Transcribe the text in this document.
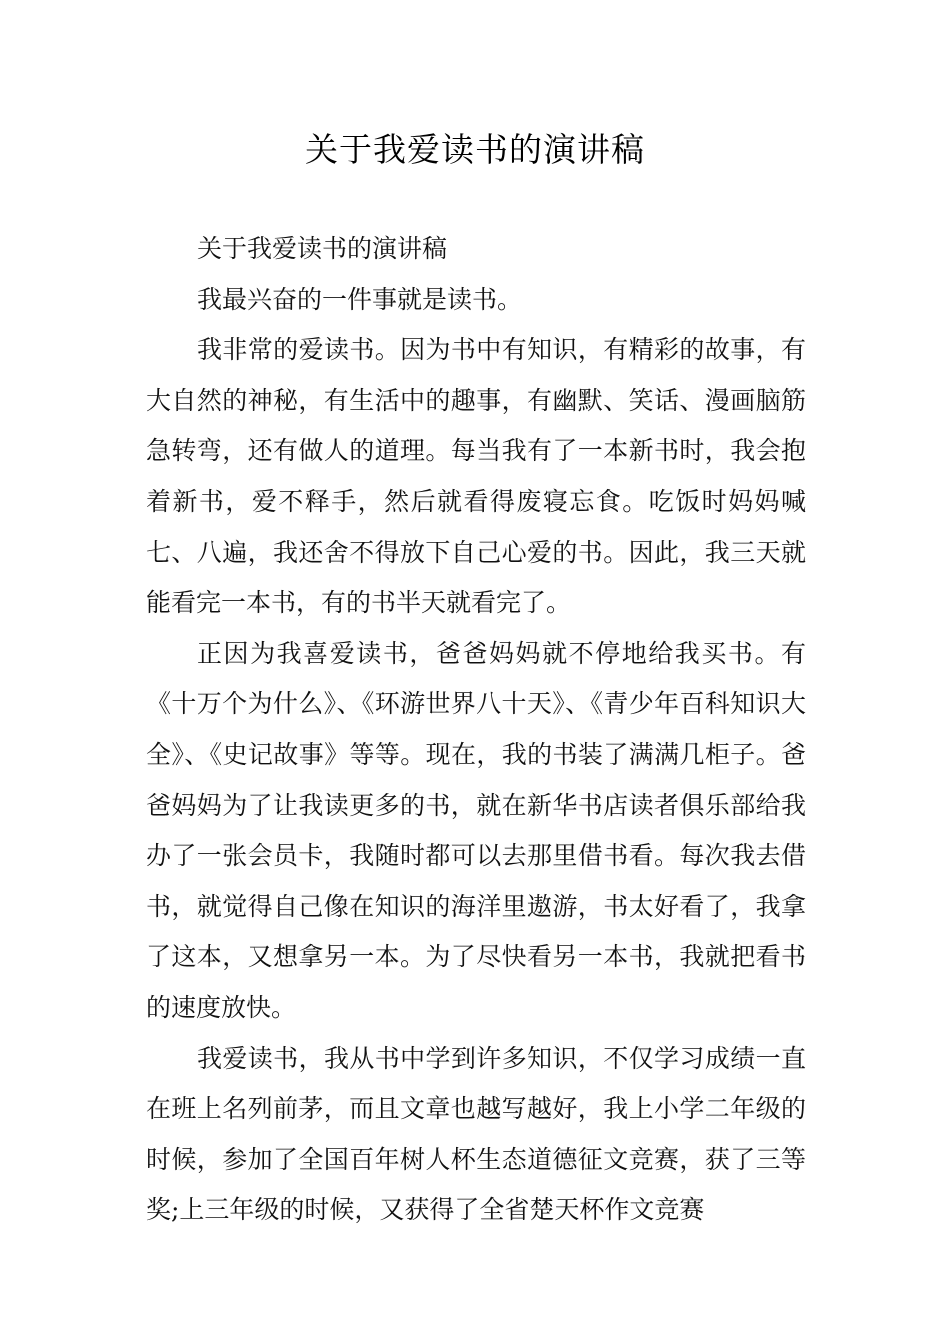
关于我爱读书的演讲稿

关于我爱读书的演讲稿

我最兴奋的一件事就是读书。

我非常的爱读书。因为书中有知识，有精彩的故事，有大自然的神秘，有生活中的趣事，有幽默、笑话、漫画脑筋急转弯，还有做人的道理。每当我有了一本新书时，我会抱着新书，爱不释手，然后就看得废寝忘食。吃饭时妈妈喊七、八遍，我还舍不得放下自己心爱的书。因此，我三天就能看完一本书，有的书半天就看完了。

正因为我喜爱读书，爸爸妈妈就不停地给我买书。有《十万个为什么》、《环游世界八十天》、《青少年百科知识大全》、《史记故事》等等。现在，我的书装了满满几柜子。爸爸妈妈为了让我读更多的书，就在新华书店读者俱乐部给我办了一张会员卡，我随时都可以去那里借书看。每次我去借书，就觉得自己像在知识的海洋里遨游，书太好看了，我拿了这本，又想拿另一本。为了尽快看另一本书，我就把看书的速度放快。

我爱读书，我从书中学到许多知识，不仅学习成绩一直在班上名列前茅，而且文章也越写越好，我上小学二年级的时候，参加了全国百年树人杯生态道德征文竞赛，获了三等奖;上三年级的时候，又获得了全省楚天杯作文竞赛
